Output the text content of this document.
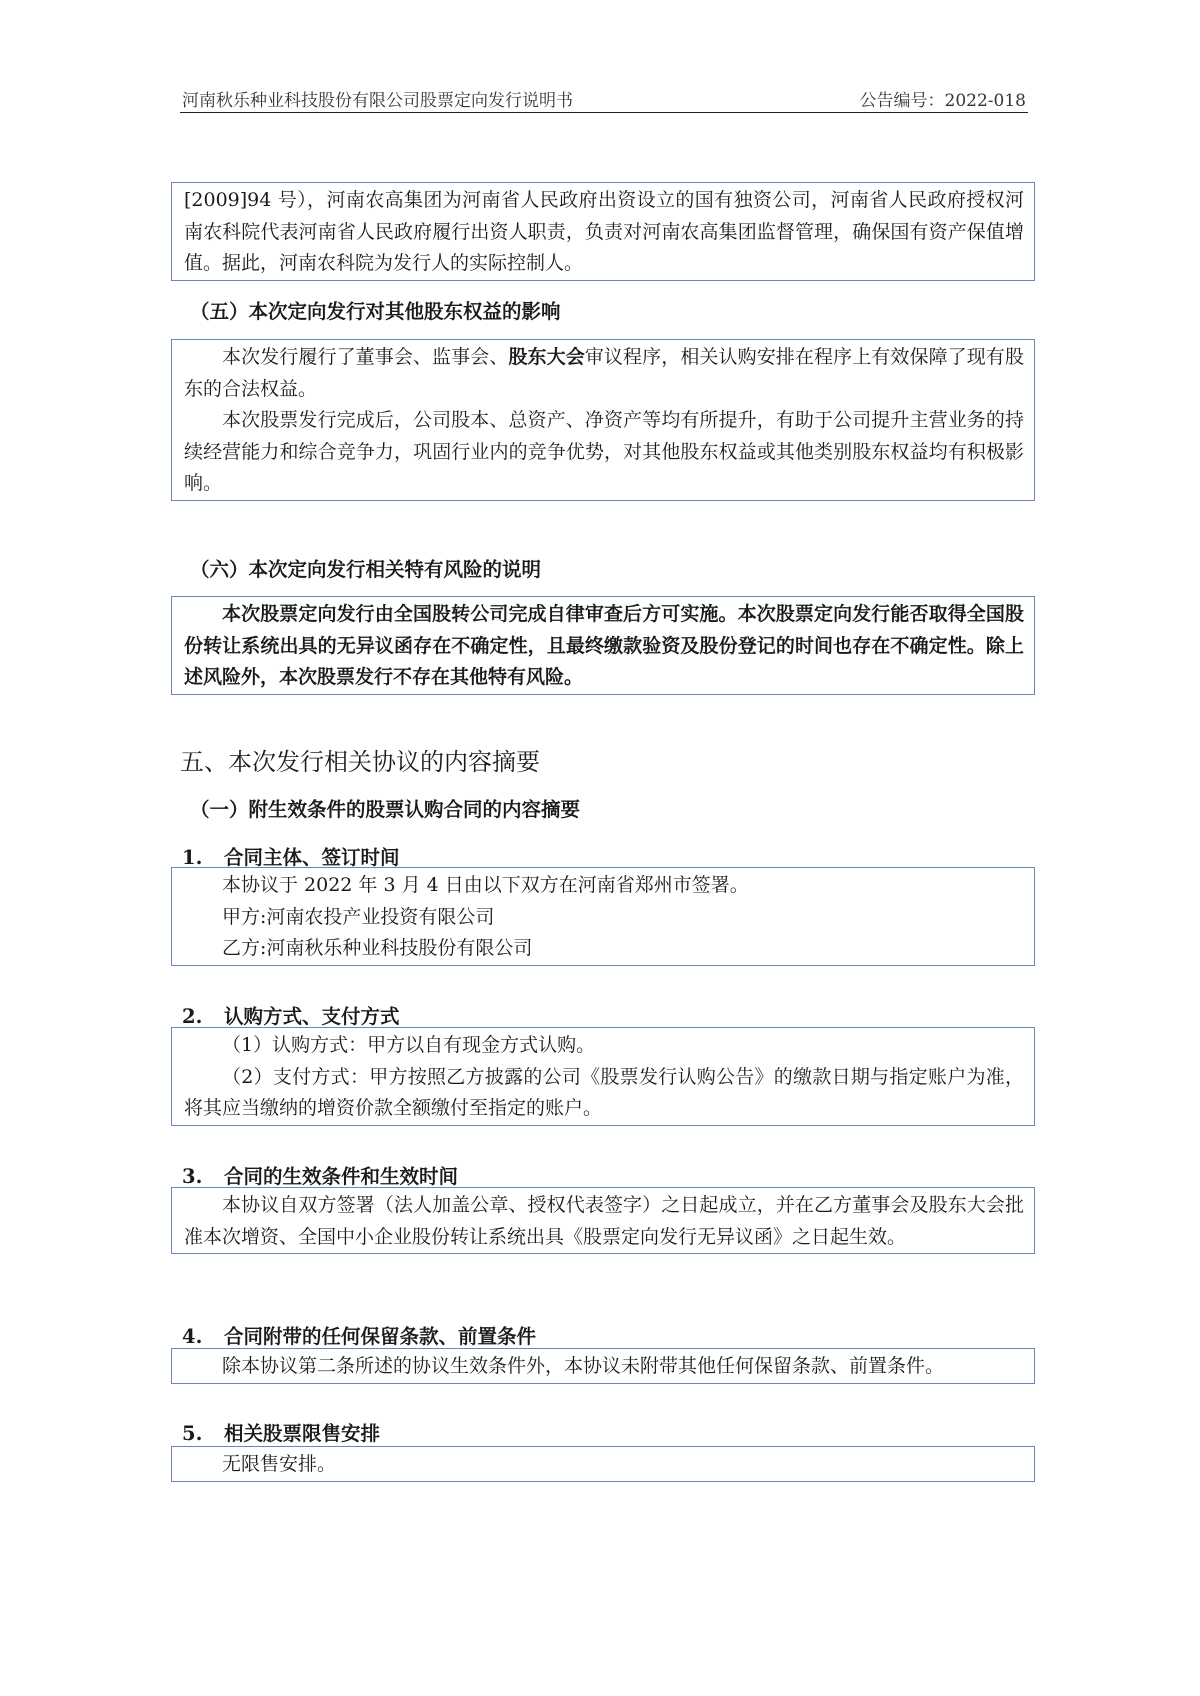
河南秋乐种业科技股份有限公司股票定向发行说明书	公告编号：2022-018

[2009]94 号），河南农高集团为河南省人民政府出资设立的国有独资公司，河南省人民政府授权河南农科院代表河南省人民政府履行出资人职责，负责对河南农高集团监督管理，确保国有资产保值增值。据此，河南农科院为发行人的实际控制人。

（五）本次定向发行对其他股东权益的影响

本次发行履行了董事会、监事会、股东大会审议程序，相关认购安排在程序上有效保障了现有股东的合法权益。

本次股票发行完成后，公司股本、总资产、净资产等均有所提升，有助于公司提升主营业务的持续经营能力和综合竞争力，巩固行业内的竞争优势，对其他股东权益或其他类别股东权益均有积极影响。

（六）本次定向发行相关特有风险的说明

本次股票定向发行由全国股转公司完成自律审查后方可实施。本次股票定向发行能否取得全国股份转让系统出具的无异议函存在不确定性，且最终缴款验资及股份登记的时间也存在不确定性。除上述风险外，本次股票发行不存在其他特有风险。

五、本次发行相关协议的内容摘要
（一）附生效条件的股票认购合同的内容摘要
1. 合同主体、签订时间

本协议于 2022 年 3 月 4 日由以下双方在河南省郑州市签署。

甲方:河南农投产业投资有限公司

乙方:河南秋乐种业科技股份有限公司

2. 认购方式、支付方式

（1）认购方式：甲方以自有现金方式认购。

（2）支付方式：甲方按照乙方披露的公司《股票发行认购公告》的缴款日期与指定账户为准，将其应当缴纳的增资价款全额缴付至指定的账户。

3. 合同的生效条件和生效时间

本协议自双方签署（法人加盖公章、授权代表签字）之日起成立，并在乙方董事会及股东大会批准本次增资、全国中小企业股份转让系统出具《股票定向发行无异议函》之日起生效。

4. 合同附带的任何保留条款、前置条件

除本协议第二条所述的协议生效条件外，本协议未附带其他任何保留条款、前置条件。

5. 相关股票限售安排

无限售安排。
